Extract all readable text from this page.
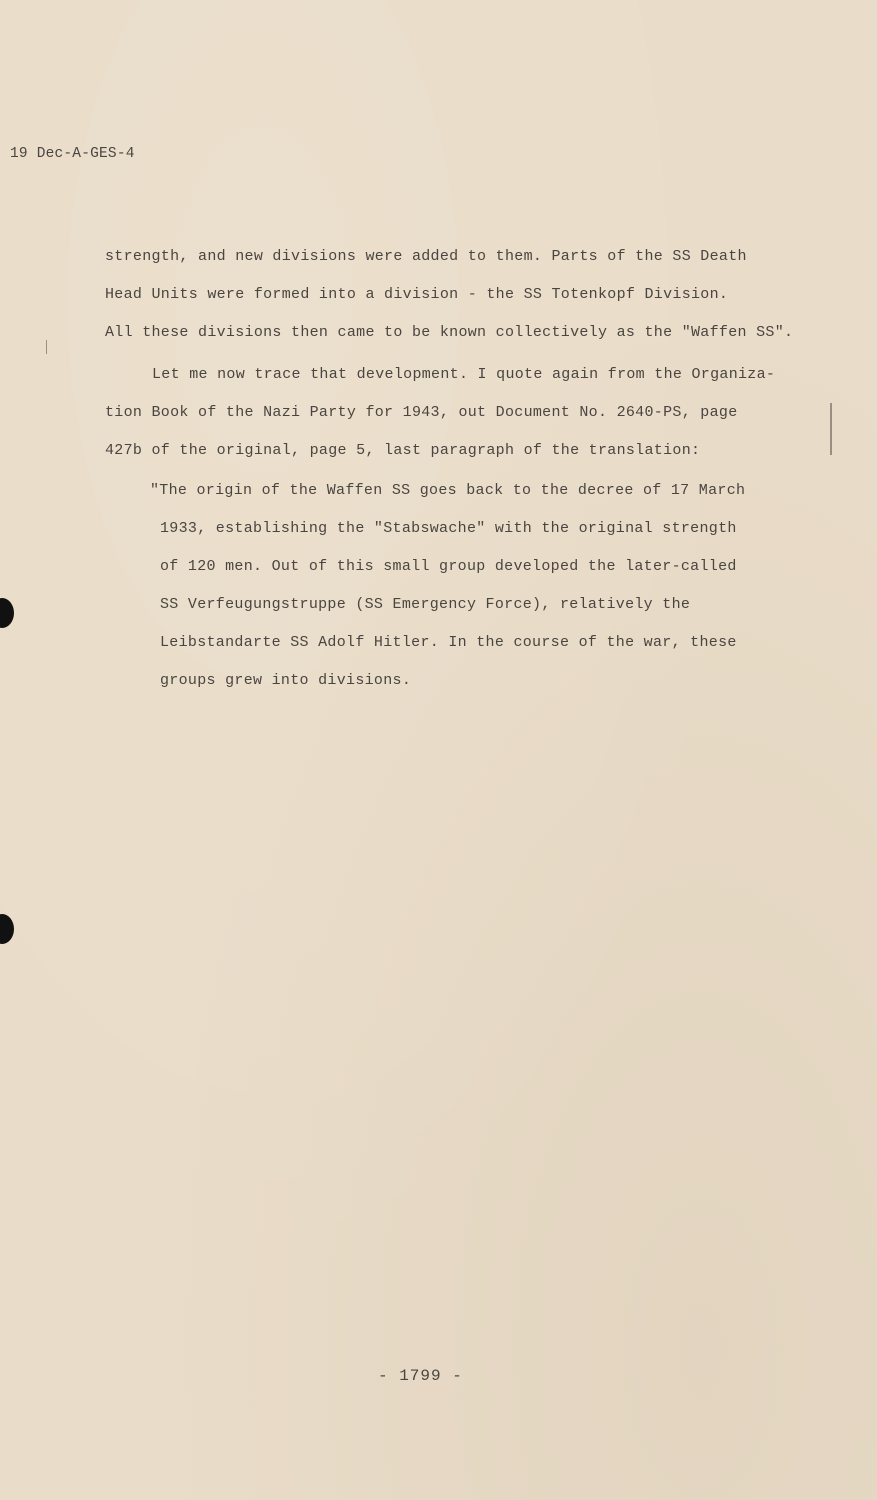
19 Dec-A-GES-4
strength, and new divisions were added to them. Parts of the SS Death
Head Units were formed into a division - the SS Totenkopf Division.
All these divisions then came to be known collectively as the "Waffen SS".
Let me now trace that development. I quote again from the Organiza-
tion Book of the Nazi Party for 1943, out Document No. 2640-PS, page
427b of the original, page 5, last paragraph of the translation:
"The origin of the Waffen SS goes back to the decree of 17 March
1933, establishing the "Stabswache" with the original strength
of 120 men. Out of this small group developed the later-called
SS Verfeugungstruppe (SS Emergency Force), relatively the
Leibstandarte SS Adolf Hitler. In the course of the war, these
groups grew into divisions.
- 1799 -
